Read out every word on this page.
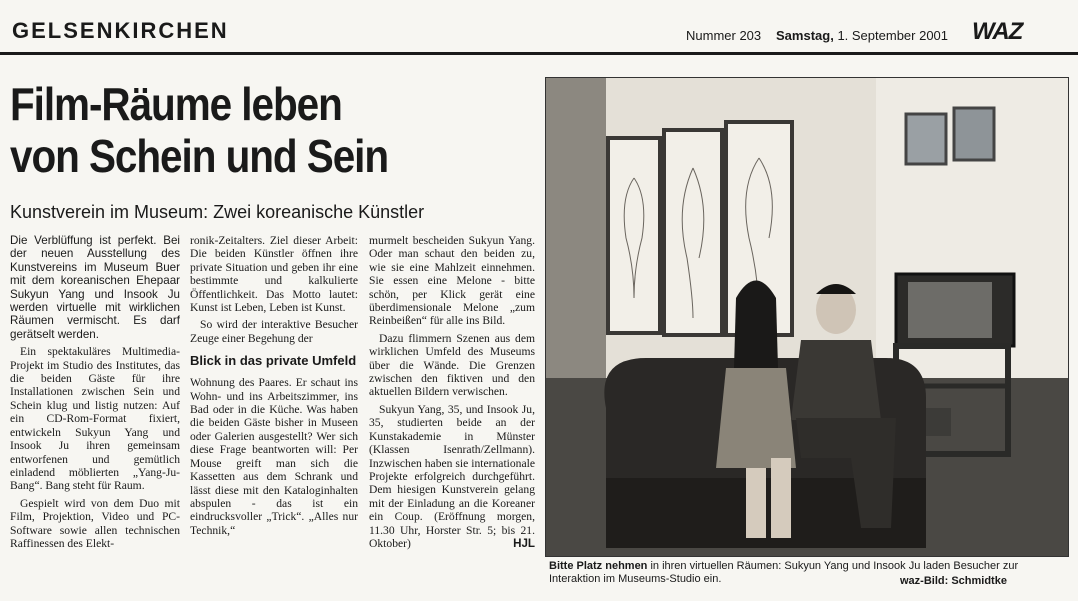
GELSENKIRCHEN	Nummer 203 Samstag, 1. September 2001 WAZ
Film-Räume leben
von Schein und Sein
Kunstverein im Museum: Zwei koreanische Künstler

Die Verblüffung ist perfekt. Bei der neuen Ausstellung des Kunstvereins im Museum Buer mit dem koreanischen Ehepaar Sukyun Yang und Insook Ju werden virtuelle mit wirklichen Räumen vermischt. Es darf gerätselt werden.

Ein spektakuläres Multimedia-Projekt im Studio des Institutes, das die beiden Gäste für ihre Installationen zwischen Sein und Schein klug und listig nutzen: Auf ein CD-Rom-Format fixiert, entwickeln Sukyun Yang und Insook Ju ihren gemeinsam entworfenen und gemütlich einladend möblierten „Yang-Ju-Bang“. Bang steht für Raum.

Gespielt wird von dem Duo mit Film, Projektion, Video und PC-Software sowie allen technischen Raffinessen des Elekt-

ronik-Zeitalters. Ziel dieser Arbeit: Die beiden Künstler öffnen ihre private Situation und geben ihr eine bestimmte und kalkulierte Öffentlichkeit. Das Motto lautet: Kunst ist Leben, Leben ist Kunst.

So wird der interaktive Besucher Zeuge einer Begehung der

Blick in das private Umfeld

Wohnung des Paares. Er schaut ins Wohn- und ins Arbeitszimmer, ins Bad oder in die Küche. Was haben die beiden Gäste bisher in Museen oder Galerien ausgestellt? Wer sich diese Frage beantworten will: Per Mouse greift man sich die Kassetten aus dem Schrank und lässt diese mit den Kataloginhalten abspulen - das ist ein eindrucksvoller „Trick“. „Alles nur Technik,“

murmelt bescheiden Sukyun Yang. Oder man schaut den beiden zu, wie sie eine Mahlzeit einnehmen. Sie essen eine Melone - bitte schön, per Klick gerät eine überdimensionale Melone „zum Reinbeißen“ für alle ins Bild.

Dazu flimmern Szenen aus dem wirklichen Umfeld des Museums über die Wände. Die Grenzen zwischen den fiktiven und den aktuellen Bildern verwischen.

Sukyun Yang, 35, und Insook Ju, 35, studierten beide an der Kunstakademie in Münster (Klassen Isenrath/Zellmann). Inzwischen haben sie internationale Projekte erfolgreich durchgeführt. Dem hiesigen Kunstverein gelang mit der Einladung an die Koreaner ein Coup. (Eröffnung morgen, 11.30 Uhr, Horster Str. 5; bis 21. Oktober)	HJL

Bitte Platz nehmen in ihren virtuellen Räumen: Sukyun Yang und Insook Ju laden Besucher zur Interaktion im Museums-Studio ein.	waz-Bild: Schmidtke
